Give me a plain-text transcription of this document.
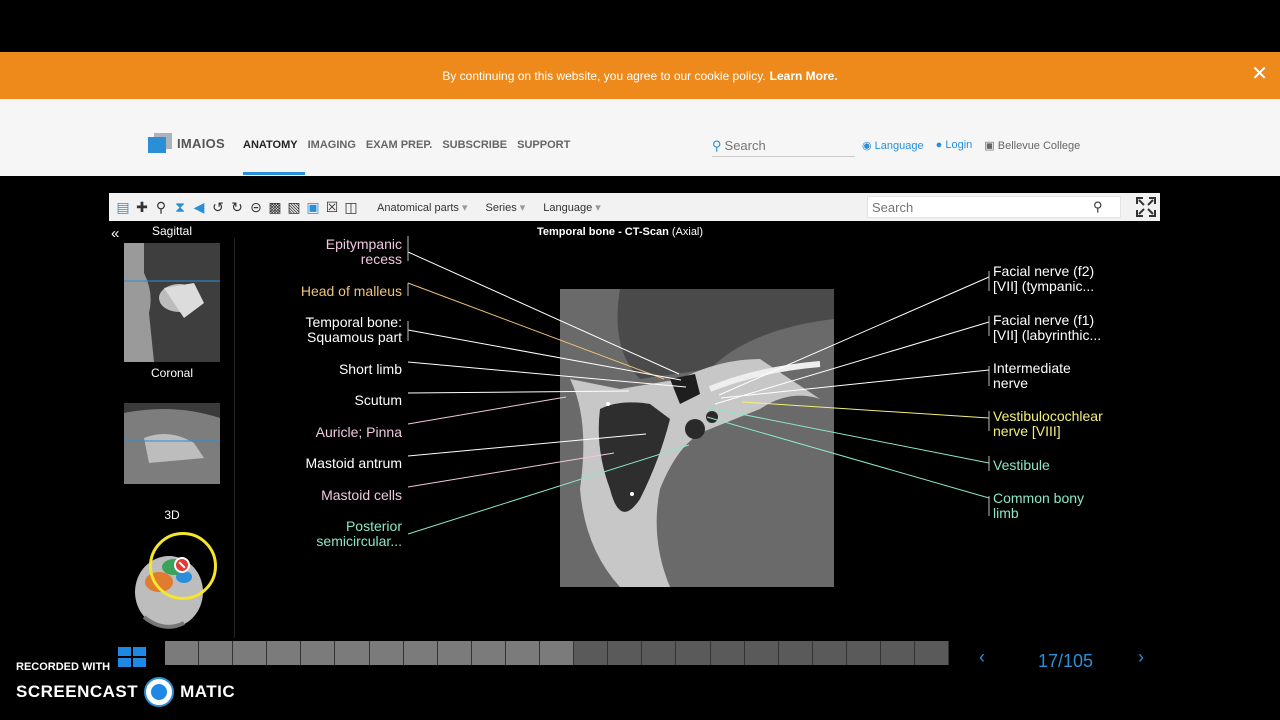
By continuing on this website, you agree to our cookie policy. Learn More.	✕
IMAIOS ANATOMY IMAGING EXAM PREP. SUBSCRIBE SUPPORT	⚲
Search	◉ Language ● Login ▣ Bellevue College
▤ ✚ ⚲ ⧗ ◀ ↺ ↻ ⊝ ▩ ▧ ▣ ☒ ◫ Anatomical parts ▾	Series ▾	Language ▾
Search	⚲
«	Sagittal
Coronal
3D
Temporal bone - CT-Scan (Axial)
Epitympanic
recess
Head of malleus
Temporal bone:
Squamous part
Short limb
Scutum
Auricle; Pinna
Mastoid antrum
Mastoid cells
Posterior
semicircular...
Facial nerve (f2)
[VII] (tympanic...
Facial nerve (f1)
[VII] (labyrinthic...
Intermediate
nerve
Vestibulocochlear
nerve [VIII]
Vestibule
Common bony
limb
‹	17/105 ›
RECORDED WITH
SCREENCAST MATIC
